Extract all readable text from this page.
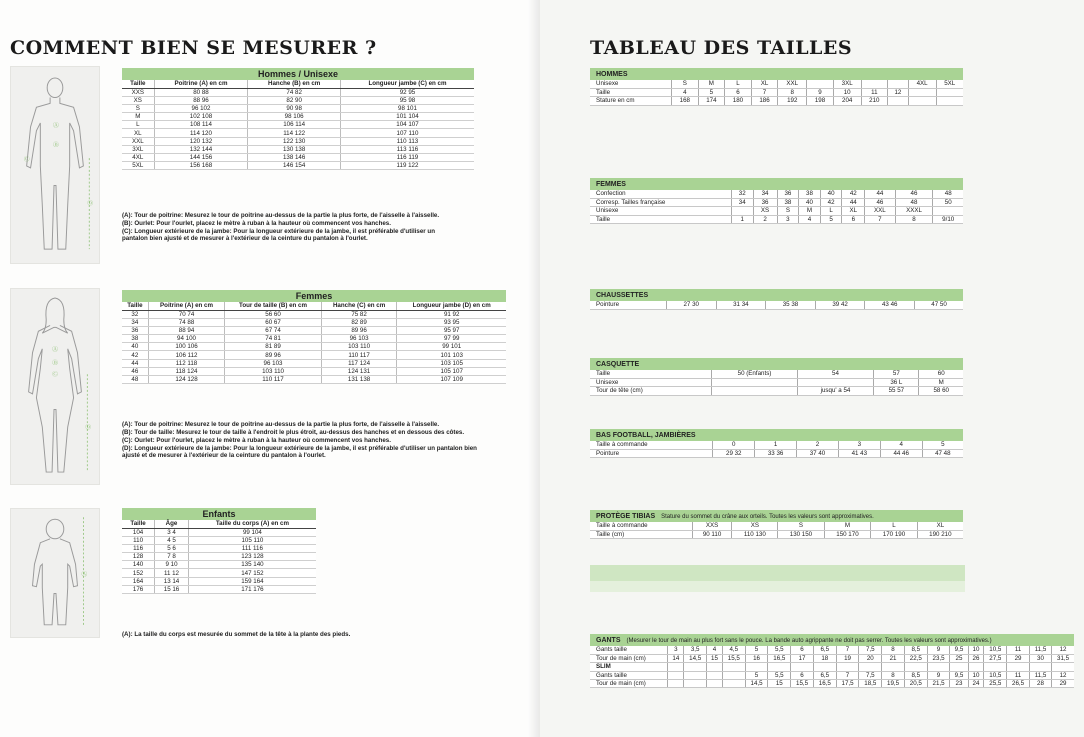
COMMENT BIEN SE MESURER ?
Ⓐ
Ⓑ
Ⓒ
Ⓓ
Hommes / Unisexe			
Taille	Poitrine (A) en cm	Hanche (B) en cm	Longueur jambe (C) en cm
XXS	80 88	74 82	92 95
XS	88 96	82 90	95 98
S	96 102	90 98	98 101
M	102 108	98 106	101 104
L	108 114	106 114	104 107
XL	114 120	114 122	107 110
XXL	120 132	122 130	110 113
3XL	132 144	130 138	113 116
4XL	144 156	138 146	116 119
5XL	156 168	146 154	119 122
(A): Tour de poitrine: Mesurez le tour de poitrine au-dessus de la partie la plus forte, de l'aisselle à l'aisselle.
(B): Ourlet: Pour l'ourlet, placez le mètre à ruban à la hauteur où commencent vos hanches.
(C): Longueur extérieure de la jambe: Pour la longueur extérieure de la jambe, il est préférable d'utiliser un pantalon bien ajusté et de mesurer à l'extérieur de la ceinture du pantalon à l'ourlet.
Ⓐ
Ⓑ
Ⓒ
Ⓓ
Femmes				
Taille	Poitrine (A) en cm	Tour de taille (B) en cm	Hanche (C) en cm	Longueur jambe (D) en cm
32	70 74	56 60	75 82	91 92
34	74 88	60 67	82 89	93 95
36	88 94	67 74	89 96	95 97
38	94 100	74 81	96 103	97 99
40	100 106	81 89	103 110	99 101
42	106 112	89 96	110 117	101 103
44	112 118	96 103	117 124	103 105
46	118 124	103 110	124 131	105 107
48	124 128	110 117	131 138	107 109
(A): Tour de poitrine: Mesurez le tour de poitrine au-dessus de la partie la plus forte, de l'aisselle à l'aisselle.
(B): Tour de taille: Mesurez le tour de taille à l'endroit le plus étroit, au-dessus des hanches et en dessous des côtes.
(C): Ourlet: Pour l'ourlet, placez le mètre à ruban à la hauteur où commencent vos hanches.
(D): Longueur extérieure de la jambe: Pour la longueur extérieure de la jambe, il est préférable d'utiliser un pantalon bien ajusté et de mesurer à l'extérieur de la ceinture du pantalon à l'ourlet.
Ⓐ
Enfants		
Taille	Âge	Taille du corps (A) en cm
104	3 4	99 104
110	4 5	105 110
116	5 6	111 116
128	7 8	123 128
140	9 10	135 140
152	11 12	147 152
164	13 14	159 164
176	15 16	171 176
(A): La taille du corps est mesurée du sommet de la tête à la plante des pieds.
TABLEAU DES TAILLES
HOMMES											
Unisexe	S	M	L	XL	XXL		3XL			4XL	5XL
Taille	4	5	6	7	8	9	10	11	12		
Stature en cm	168	174	180	186	192	198	204	210			
FEMMES									
Confection	32	34	36	38	40	42	44	46	48
Corresp. Tailles française	34	36	38	40	42	44	46	48	50
Unisexe		XS	S	M	L	XL	XXL	XXXL	
Taille	1	2	3	4	5	6	7	8	9/10
CHAUSSETTES
Pointure	27 30	31 34	35 38	39 42	43 46	47 50
CASQUETTE				
Taille	50 (Enfants)	54	57	60
Unisexe			36 L	M
Tour de tête (cm)		jusqu' a 54	55 57	58 60
BAS FOOTBALL, JAMBIÈRES						
Taille à commande	0	1	2	3	4	5
Pointure	29 32	33 36	37 40	41 43	44 46	47 48
PROTÈGE TIBIAS Stature du sommet du crâne aux orteils. Toutes les valeurs sont approximatives.						
Taille à commande	XXS	XS	S	M	L	XL
Taille (cm)	90 110	110 130	130 150	150 170	170 190	190 210
GANTS (Mesurer le tour de main au plus fort sans le pouce. La bande auto agrippante ne doit pas serrer. Toutes les valeurs sont approximatives.)																			
Gants taille	3	3,5	4	4,5	5	5,5	6	6,5	7	7,5	8	8,5	9	9,5	10	10,5	11	11,5	12
Tour de main (cm)	14	14,5	15	15,5	16	16,5	17	18	19	20	21	22,5	23,5	25	26	27,5	29	30	31,5
SLIM																			
Gants taille					5	5,5	6	6,5	7	7,5	8	8,5	9	9,5	10	10,5	11	11,5	12
Tour de main (cm)					14,5	15	15,5	16,5	17,5	18,5	19,5	20,5	21,5	23	24	25,5	26,5	28	29
